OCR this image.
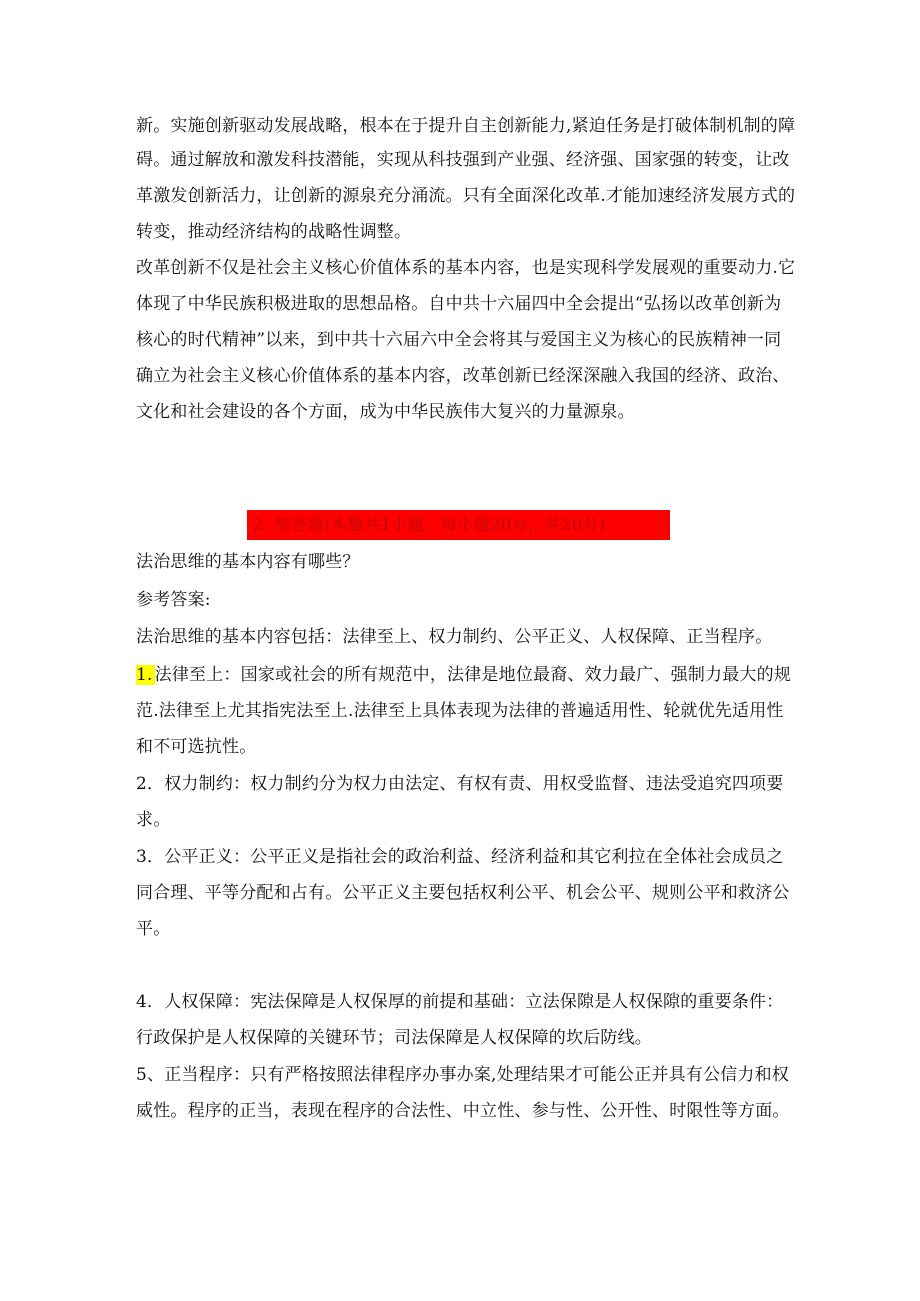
新。实施创新驱动发展战略，根本在于提升自主创新能力,紧迫任务是打破体制机制的障
碍。通过解放和激发科技潜能，实现从科技强到产业强、经济强、国家强的转变，让改
革激发创新活力，让创新的源泉充分涌流。只有全面深化改革.才能加速经济发展方式的
转变，推动经济结构的战略性调整。
改革创新不仅是社会主义核心价值体系的基本内容，也是实现科学发展观的重要动力.它
体现了中华民族积极进取的思想品格。自中共十六届四中全会提出“弘扬以改革创新为
核心的时代精神”以来，到中共十六届六中全会将其与爱国主义为核心的民族精神一同
确立为社会主义核心价值体系的基本内容，改革创新已经深深融入我国的经济、政治、
文化和社会建设的各个方面，成为中华民族伟大复兴的力量源泉。
2. 简答题(本题共1小题，每小题20分，共20分)
法治思维的基本内容有哪些？
参考答案:
法治思维的基本内容包括：法律至上、权力制约、公平正义、人权保障、正当程序。
1. 法律至上：国家或社会的所有规范中，法律是地位最裔、效力最广、强制力最大的规
范.法律至上尤其指宪法至上.法律至上具体表现为法律的普遍适用性、轮就优先适用性
和不可选抗性。
2．权力制约：权力制约分为权力由法定、有权有责、用权受监督、违法受追究四项要
求。
3．公平正义：公平正义是指社会的政治利益、经济利益和其它利拉在全体社会成员之
同合理、平等分配和占有。公平正义主要包括权利公平、机会公平、规则公平和救济公
平。
4．人权保障：宪法保障是人权保厚的前提和基础：立法保隙是人权保隙的重要条件：
行政保护是人权保障的关键环节；司法保障是人权保障的坎后防线。
5、正当程序：只有严格按照法律程序办事办案,处理结果才可能公正并具有公信力和权
威性。程序的正当，表现在程序的合法性、中立性、参与性、公开性、时限性等方面。
